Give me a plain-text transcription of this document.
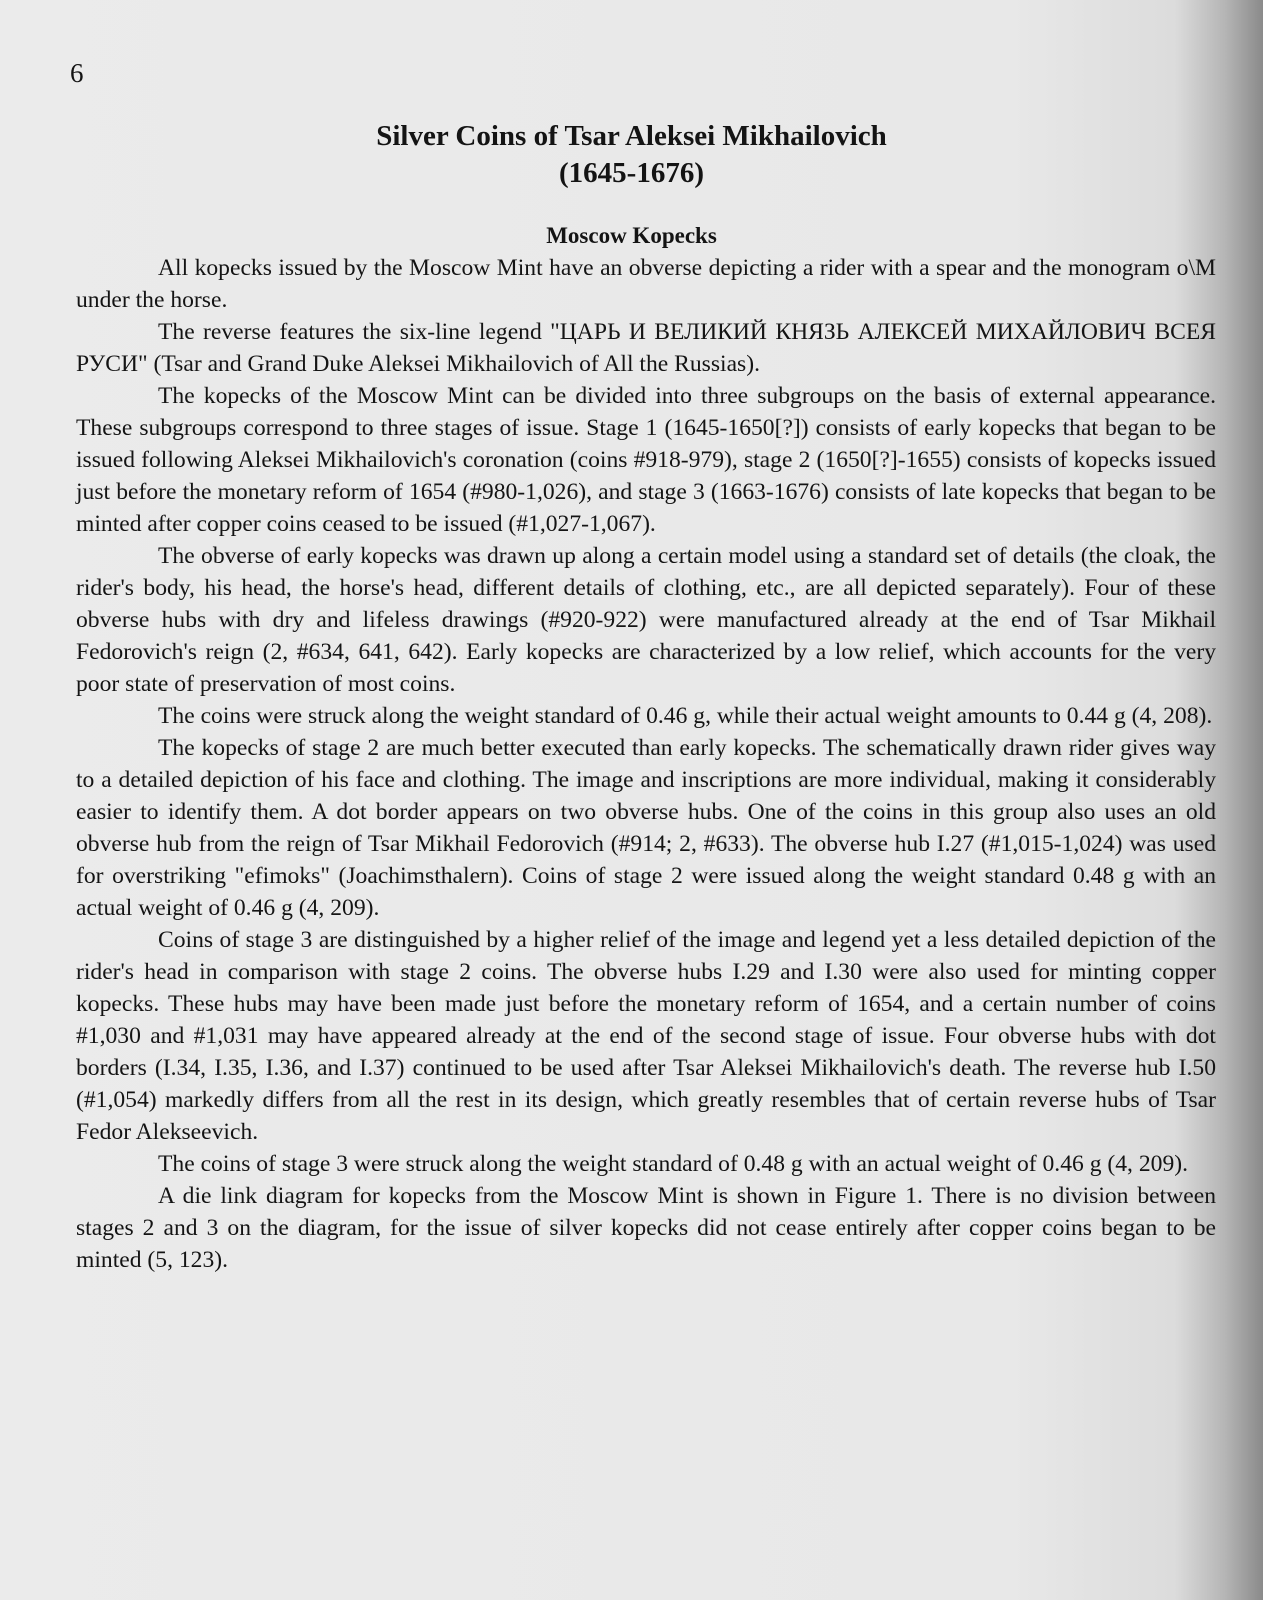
6
Silver Coins of Tsar Aleksei Mikhailovich
(1645-1676)
Moscow Kopecks

All kopecks issued by the Moscow Mint have an obverse depicting a rider with a spear and the monogram o\M under the horse.

The reverse features the six-line legend "ЦАРЬ И ВЕЛИКИЙ КНЯЗЬ АЛЕКСЕЙ МИХАЙЛОВИЧ ВСЕЯ РУСИ" (Tsar and Grand Duke Aleksei Mikhailovich of All the Russias).

The kopecks of the Moscow Mint can be divided into three subgroups on the basis of external appearance. These subgroups correspond to three stages of issue. Stage 1 (1645-1650[?]) consists of early kopecks that began to be issued following Aleksei Mikhailovich's coronation (coins #918-979), stage 2 (1650[?]-1655) consists of kopecks issued just before the monetary reform of 1654 (#980-1,026), and stage 3 (1663-1676) consists of late kopecks that began to be minted after copper coins ceased to be issued (#1,027-1,067).

The obverse of early kopecks was drawn up along a certain model using a standard set of details (the cloak, the rider's body, his head, the horse's head, different details of clothing, etc., are all depicted separately). Four of these obverse hubs with dry and lifeless drawings (#920-922) were manufactured already at the end of Tsar Mikhail Fedorovich's reign (2, #634, 641, 642). Early kopecks are characterized by a low relief, which accounts for the very poor state of preservation of most coins.

The coins were struck along the weight standard of 0.46 g, while their actual weight amounts to 0.44 g (4, 208).

The kopecks of stage 2 are much better executed than early kopecks. The schematically drawn rider gives way to a detailed depiction of his face and clothing. The image and inscriptions are more individual, making it considerably easier to identify them. A dot border appears on two obverse hubs. One of the coins in this group also uses an old obverse hub from the reign of Tsar Mikhail Fedorovich (#914; 2, #633). The obverse hub I.27 (#1,015-1,024) was used for overstriking "efimoks" (Joachimsthalern). Coins of stage 2 were issued along the weight standard 0.48 g with an actual weight of 0.46 g (4, 209).

Coins of stage 3 are distinguished by a higher relief of the image and legend yet a less detailed depiction of the rider's head in comparison with stage 2 coins. The obverse hubs I.29 and I.30 were also used for minting copper kopecks. These hubs may have been made just before the monetary reform of 1654, and a certain number of coins #1,030 and #1,031 may have appeared already at the end of the second stage of issue. Four obverse hubs with dot borders (I.34, I.35, I.36, and I.37) continued to be used after Tsar Aleksei Mikhailovich's death. The reverse hub I.50 (#1,054) markedly differs from all the rest in its design, which greatly resembles that of certain reverse hubs of Tsar Fedor Alekseevich.

The coins of stage 3 were struck along the weight standard of 0.48 g with an actual weight of 0.46 g (4, 209).

A die link diagram for kopecks from the Moscow Mint is shown in Figure 1. There is no division between stages 2 and 3 on the diagram, for the issue of silver kopecks did not cease entirely after copper coins began to be minted (5, 123).
